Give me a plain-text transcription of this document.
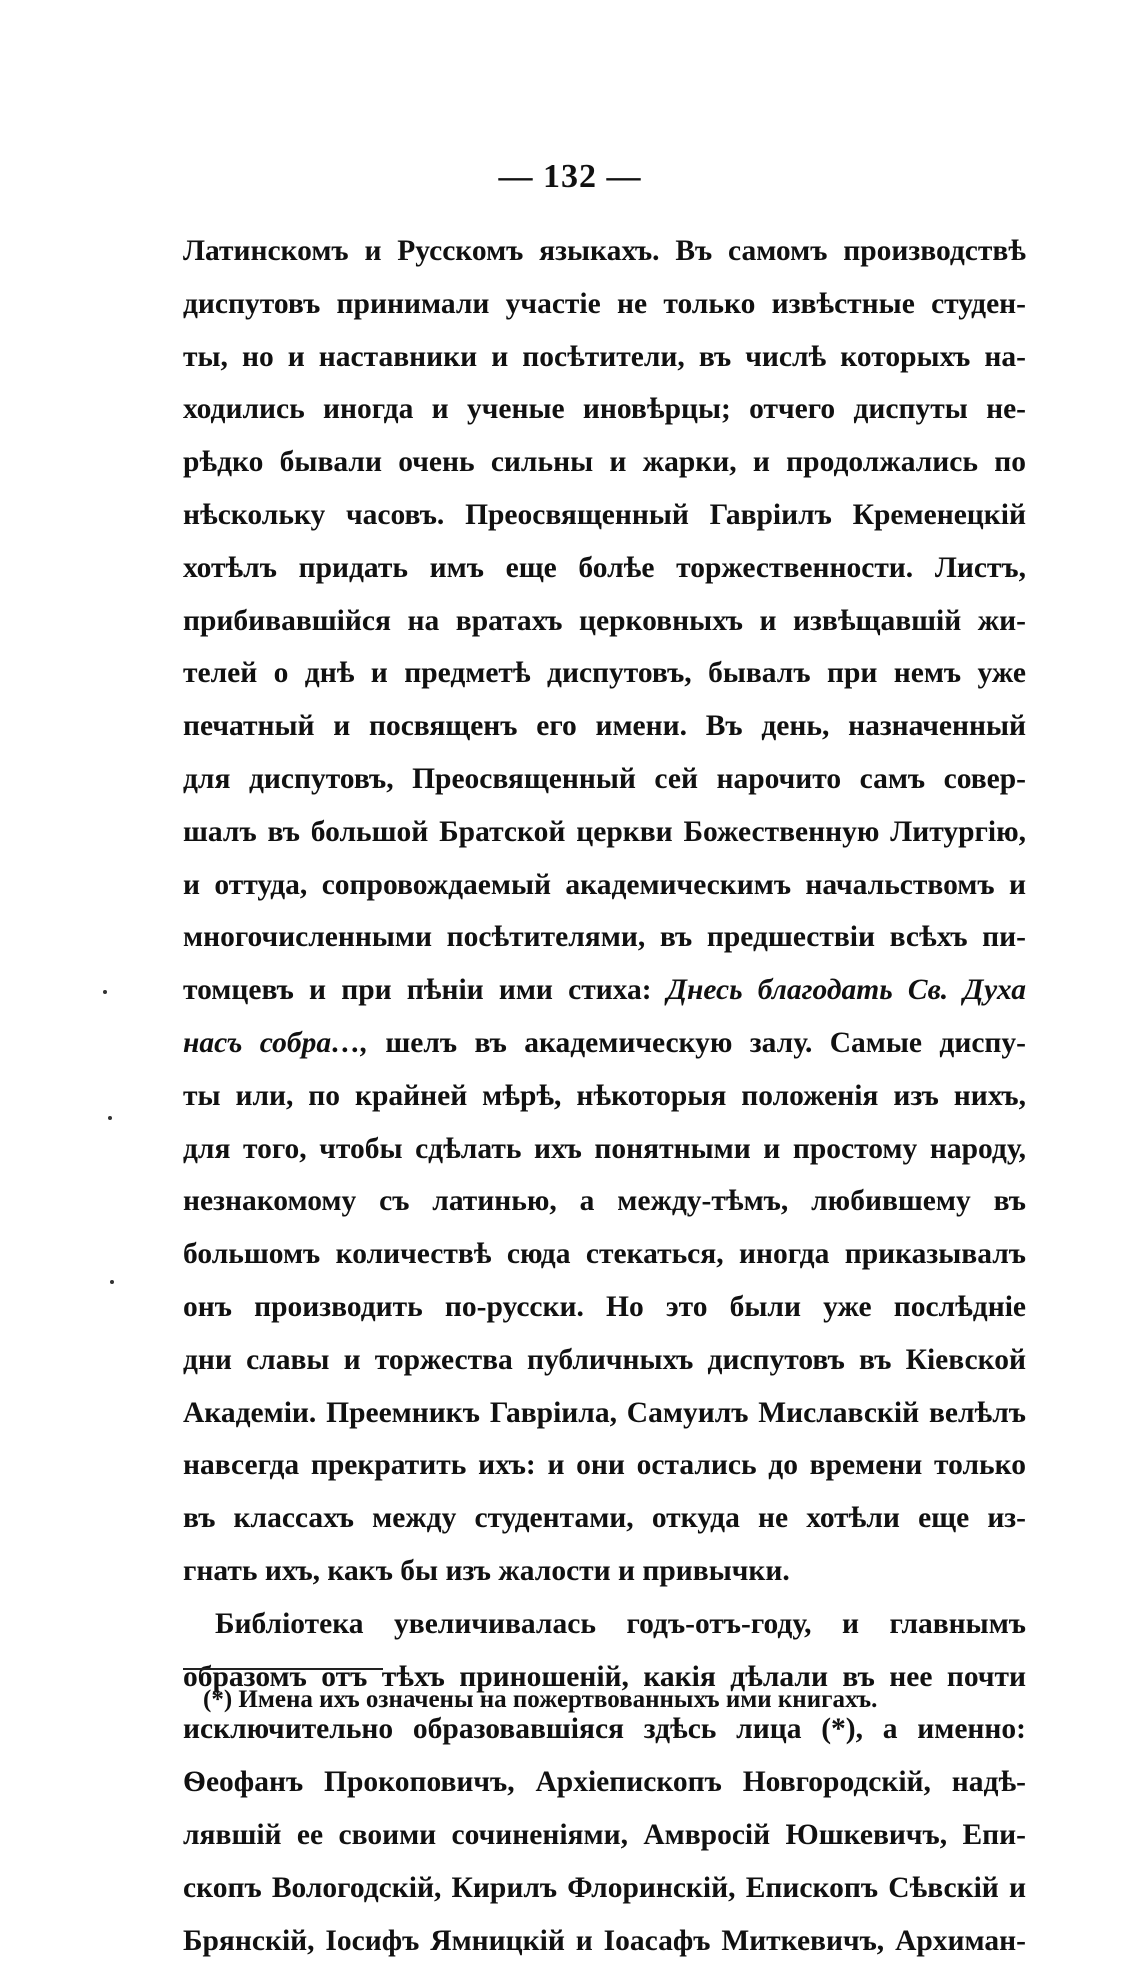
— 132 —
Латинскомъ и Русскомъ языкахъ. Въ самомъ производствѣ
диспутовъ принимали участіе не только извѣстные студен-
ты, но и наставники и посѣтители, въ числѣ которыхъ на-
ходились иногда и ученые иновѣрцы; отчего диспуты не-
рѣдко бывали очень сильны и жарки, и продолжались по
нѣскольку часовъ. Преосвященный Гавріилъ Кременецкій
хотѣлъ придать имъ еще болѣе торжественности. Листъ,
прибивавшійся на вратахъ церковныхъ и извѣщавшій жи-
телей о днѣ и предметѣ диспутовъ, бывалъ при немъ уже
печатный и посвященъ его имени. Въ день, назначенный
для диспутовъ, Преосвященный сей нарочито самъ совер-
шалъ въ большой Братской церкви Божественную Литургію,
и оттуда, сопровождаемый академическимъ начальствомъ и
многочисленными посѣтителями, въ предшествіи всѣхъ пи-
томцевъ и при пѣніи ими стиха: Днесь благодать Св. Духа
насъ собра…, шелъ въ академическую залу. Самые диспу-
ты или, по крайней мѣрѣ, нѣкоторыя положенія изъ нихъ,
для того, чтобы сдѣлать ихъ понятными и простому народу,
незнакомому съ латинью, а между-тѣмъ, любившему въ
большомъ количествѣ сюда стекаться, иногда приказывалъ
онъ производить по-русски. Но это были уже послѣдніе
дни славы и торжества публичныхъ диспутовъ въ Кіевской
Академіи. Преемникъ Гавріила, Самуилъ Миславскій велѣлъ
навсегда прекратить ихъ: и они остались до времени только
въ классахъ между студентами, откуда не хотѣли еще из-
гнать ихъ, какъ бы изъ жалости и привычки.
Библіотека увеличивалась годъ-отъ-году, и главнымъ
образомъ отъ тѣхъ приношеній, какія дѣлали въ нее почти
исключительно образовавшіяся здѣсь лица (*), а именно:
Ѳеофанъ Прокоповичъ, Архіепископъ Новгородскій, надѣ-
лявшій ее своими сочиненіями, Амвросій Юшкевичъ, Епи-
скопъ Вологодскій, Кирилъ Флоринскій, Епископъ Сѣвскій и
Брянскій, Іосифъ Ямницкій и Іоасафъ Миткевичъ, Архиман-
(*) Имена ихъ означены на пожертвованныхъ ими книгахъ.
